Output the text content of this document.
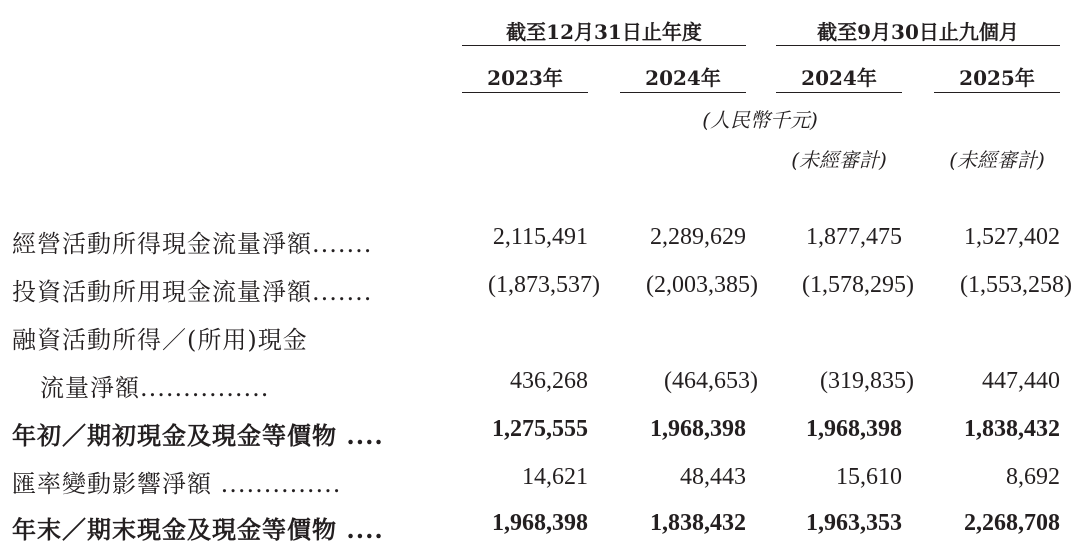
截至12月31日止年度	截至9月30日止九個月
2023年	2024年	2024年	2025年
(人民幣千元)
(未經審計)	(未經審計)
經營活動所得現金流量淨額.......	2,115,491	2,289,629	1,877,475	1,527,402
投資活動所用現金流量淨額.......	(1,873,537)	(2,003,385)	(1,578,295)	(1,553,258)
融資活動所得／(所用)現金
流量淨額...............	436,268	(464,653)	(319,835)	447,440
年初／期初現金及現金等價物 ....	1,275,555	1,968,398	1,968,398	1,838,432
匯率變動影響淨額 ..............	14,621	48,443	15,610	8,692
年末／期末現金及現金等價物 ....	1,968,398	1,838,432	1,963,353	2,268,708
